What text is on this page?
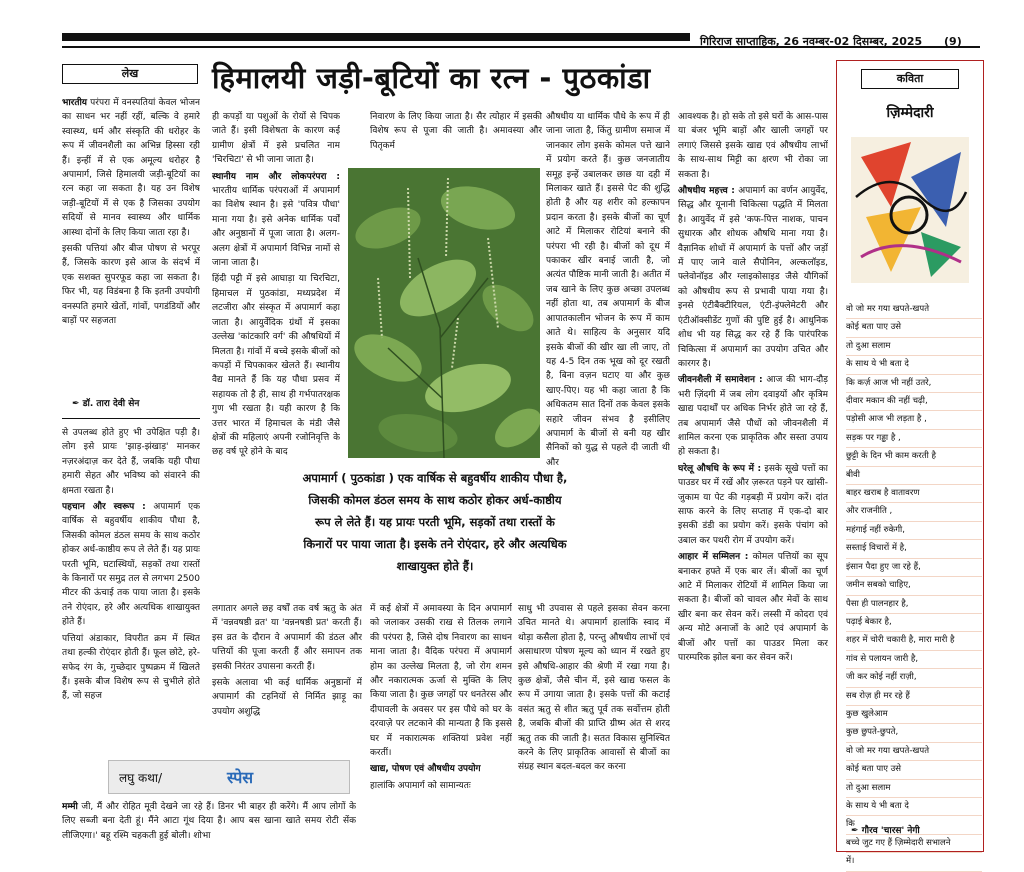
गिरिराज साप्ताहिक, 26 नवम्बर-02 दिसम्बर, 2025 (9)
लेख	हिमालयी जड़ी-बूटियों का रत्न - पुठकांडा

भारतीय परंपरा में वनस्पतियां केवल भोजन का साधन भर नहीं रहीं, बल्कि वे हमारे स्वास्थ्य, धर्म और संस्कृति की धरोहर के रूप में जीवनशैली का अभिन्न हिस्सा रही हैं। इन्हीं में से एक अमूल्य धरोहर है अपामार्ग, जिसे हिमालयी जड़ी-बूटियों का रत्न कहा जा सकता है। यह उन विशेष जड़ी-बूटियों में से एक है जिसका उपयोग सदियों से मानव स्वास्थ्य और धार्मिक आस्था दोनों के लिए किया जाता रहा है।

इसकी पत्तियां और बीज पोषण से भरपूर हैं, जिसके कारण इसे आज के संदर्भ में एक सशक्त सुपरफूड कहा जा सकता है। फिर भी, यह विडंबना है कि इतनी उपयोगी वनस्पति हमारे खेतों, गांवों, पगडंडियों और बाड़ों पर सहजता

✒ डॉ. तारा देवी सेन

से उपलब्ध होते हुए भी उपेक्षित पड़ी है। लोग इसे प्रायः 'झाड़-झंखाड़' मानकर नज़रअंदाज़ कर देते हैं, जबकि यही पौधा हमारी सेहत और भविष्य को संवारने की क्षमता रखता है।

पहचान और स्वरूप : अपामार्ग एक वार्षिक से बहुवर्षीय शाकीय पौधा है, जिसकी कोमल डंठल समय के साथ कठोर होकर अर्ध-काष्ठीय रूप ले लेते हैं। यह प्रायः परती भूमि, घटास्थियों, सड़कों तथा रास्तों के किनारों पर समुद्र तल से लगभग 2500 मीटर की ऊंचाई तक पाया जाता है। इसके तने रोएंदार, हरे और अत्यधिक शाखायुक्त होते हैं।

पत्तियां अंडाकार, विपरीत क्रम में स्थित तथा हल्की रोएंदार होती हैं। फूल छोटे, हरे-सफेद रंग के, गुच्छेदार पुष्पक्रम में खिलते हैं। इसके बीज विशेष रूप से चुभीले होते हैं, जो सहज

ही कपड़ों या पशुओं के रोयों से चिपक जाते हैं। इसी विशेषता के कारण कई ग्रामीण क्षेत्रों में इसे प्रचलित नाम 'चिरचिटा' से भी जाना जाता है।

स्थानीय नाम और लोकपरंपरा : भारतीय धार्मिक परंपराओं में अपामार्ग का विशेष स्थान है। इसे 'पवित्र पौधा' माना गया है। इसे अनेक धार्मिक पर्वों और अनुष्ठानों में पूजा जाता है। अलग-अलग क्षेत्रों में अपामार्ग विभिन्न नामों से जाना जाता है।

हिंदी पट्टी में इसे आघाड़ा या चिरचिटा, हिमाचल में पुठकांडा, मध्यप्रदेश में लटजीरा और संस्कृत में अपामार्ग कहा जाता है। आयुर्वेदिक ग्रंथों में इसका उल्लेख 'कांटकारि वर्ग' की औषधियों में मिलता है। गांवों में बच्चे इसके बीजों को कपड़ों में चिपकाकर खेलते हैं। स्थानीय वैद्य मानते हैं कि यह पौधा प्रसव में सहायक तो है ही, साथ ही गर्भपातरक्षक गुण भी रखता है। यही कारण है कि उत्तर भारत में हिमाचल के मंडी जैसे क्षेत्रों की महिलाएं अपनी रजोनिवृत्ति के छह वर्ष पूरे होने के बाद

लगातार अगले छह वर्षों तक वर्ष ऋतु के अंत में 'वन्नवषष्ठी व्रत' या 'वन्ननषष्ठी प्रत' करती हैं। इस व्रत के दौरान वे अपामार्ग की डंठल और पत्तियों की पूजा करती हैं और समापन तक इसकी निरंतर उपासना करती हैं।

इसके अलावा भी कई धार्मिक अनुष्ठानों में अपामार्ग की टहनियों से निर्मित झाड़ू का उपयोग अशुद्धि

निवारण के लिए किया जाता है। सैर त्योहार में इसकी विशेष रूप से पूजा की जाती है। अमावस्या और पितृकर्म

अपामार्ग ( पुठकांडा ) एक वार्षिक से बहुवर्षीय शाकीय पौधा है, जिसकी कोमल डंठल समय के साथ कठोर होकर अर्ध-काष्ठीय रूप ले लेते हैं। यह प्रायः परती भूमि, सड़कों तथा रास्तों के किनारों पर पाया जाता है। इसके तने रोएंदार, हरे और अत्यधिक शाखायुक्त होते हैं।

में कई क्षेत्रों में अमावस्या के दिन अपामार्ग को जलाकर उसकी राख से तिलक लगाने की परंपरा है, जिसे दोष निवारण का साधन माना जाता है। वैदिक परंपरा में अपामार्ग होम का उल्लेख मिलता है, जो रोग शमन और नकारात्मक ऊर्जा से मुक्ति के लिए किया जाता है। कुछ जगहों पर धनतेरस और दीपावली के अवसर पर इस पौधे को घर के दरवाज़े पर लटकाने की मान्यता है कि इससे घर में नकारात्मक शक्तियां प्रवेश नहीं करतीं।

खाद्य, पोषण एवं औषधीय उपयोग

हालांकि अपामार्ग को सामान्यतः

औषधीय या धार्मिक पौधे के रूप में ही जाना जाता है, किंतु ग्रामीण समाज में जानकार लोग इसके कोमल पत्ते खाने में प्रयोग करते हैं। कुछ जनजातीय समूह इन्हें उबालकर छाछ या दही में मिलाकर खाते हैं। इससे पेट की शुद्धि होती है और यह शरीर को हल्कापन प्रदान करता है। इसके बीजों का चूर्ण आटे में मिलाकर रोटियां बनाने की परंपरा भी रही है। बीजों को दूध में पकाकर खीर बनाई जाती है, जो अत्यंत पौष्टिक मानी जाती है। अतीत में जब खाने के लिए कुछ अच्छा उपलब्ध नहीं होता था, तब अपामार्ग के बीज आपातकालीन भोजन के रूप में काम आते थे। साहित्य के अनुसार यदि इसके बीजों की खीर खा ली जाए, तो यह 4-5 दिन तक भूख को दूर रखती है, बिना वज़न घटाए या और कुछ खाए-पिए। यह भी कहा जाता है कि अधिकतम सात दिनों तक केवल इसके सहारे जीवन संभव है इसीलिए अपामार्ग के बीजों से बनी यह खीर सैनिकों को युद्ध से पहले दी जाती थी और

साधु भी उपवास से पहले इसका सेवन करना उचित मानते थे। अपामार्ग हालांकि स्वाद में थोड़ा कसैला होता है, परन्तु औषधीय लाभों एवं असाधारण पोषण मूल्य को ध्यान में रखते हुए इसे औषधि-आहार की श्रेणी में रखा गया है। कुछ क्षेत्रों, जैसे चीन में, इसे खाद्य फसल के रूप में उगाया जाता है। इसके पत्तों की कटाई वसंत ऋतु से शीत ऋतु पूर्व तक सर्वोत्तम होती है, जबकि बीजों की प्राप्ति ग्रीष्म अंत से शरद ऋतु तक की जाती है। सतत विकास सुनिश्चित करने के लिए प्राकृतिक आवासों से बीजों का संग्रह स्थान बदल-बदल कर करना

आवश्यक है। हो सके तो इसे घरों के आस-पास या बंजर भूमि बाड़ों और खाली जगहों पर लगाएं जिससे इसके खाद्य एवं औषधीय लाभों के साथ-साथ मिट्टी का क्षरण भी रोका जा सकता है।

औषधीय महत्त्व : अपामार्ग का वर्णन आयुर्वेद, सिद्ध और यूनानी चिकित्सा पद्धति में मिलता है। आयुर्वेद में इसे 'कफ-पित्त नाशक, पाचन सुधारक और शोधक औषधि माना गया है। वैज्ञानिक शोधों में अपामार्ग के पत्तों और जड़ों में पाए जाने वाले सैपोनिन, अल्कलॉइड, फ्लेवोनॉइड और ग्लाइकोसाइड जैसे यौगिकों को औषधीय रूप से प्रभावी पाया गया है। इनसे एंटीबैक्टीरियल, एंटी-इंफ्लेमेटरी और एंटीऑक्सीडेंट गुणों की पुष्टि हुई है। आधुनिक शोध भी यह सिद्ध कर रहे हैं कि पारंपरिक चिकित्सा में अपामार्ग का उपयोग उचित और कारगर है।

जीवनशैली में समावेशन : आज की भाग-दौड़ भरी ज़िंदगी में जब लोग दवाइयों और कृत्रिम खाद्य पदार्थों पर अधिक निर्भर होते जा रहे हैं, तब अपामार्ग जैसे पौधों को जीवनशैली में शामिल करना एक प्राकृतिक और सस्ता उपाय हो सकता है।

घरेलू औषधि के रूप में : इसके सूखे पत्तों का पाउडर घर में रखें और ज़रूरत पड़ने पर खांसी-जुकाम या पेट की गड़बड़ी में प्रयोग करें। दांत साफ करने के लिए सप्ताह में एक-दो बार इसकी डंडी का प्रयोग करें। इसके पंचांग को उबाल कर पथरी रोग में उपयोग करें।

आहार में सम्मिलन : कोमल पत्तियों का सूप बनाकर हफ्ते में एक बार लें। बीजों का चूर्ण आटे में मिलाकर रोटियों में शामिल किया जा सकता है। बीजों को चावल और मेवों के साथ खीर बना कर सेवन करें। लस्सी में कोदरा एवं अन्य मोटे अनाजों के आटे एवं अपामार्ग के बीजों और पत्तों का पाउडर मिला कर पारम्परिक झोल बना कर सेवन करें।

लघु कथा/	स्पेस

मम्मी जी, मैं और रोहित मूवी देखने जा रहे हैं। डिनर भी बाहर ही करेंगे। मैं आप लोगों के लिए सब्जी बना देती हूं। मैंने आटा गूंथ दिया है। आप बस खाना खाते समय रोटी सेंक लीजिएगा।' बहू रश्मि चहकती हुई बोली। शोभा

कविता
ज़िम्मेदारी
वो जो मर गया खपते-खपते
कोई बता पाए उसे
तो दुआ सलाम
के साथ ये भी बता दे
कि कर्ज़ आज भी नहीं उतरे,
दीवार मकान की नहीं चढ़ी,
पड़ोसी आज भी लड़ता है ,
सड़क पर गड्ढा है ,
छुट्टी के दिन भी काम करती है
बीवी
बाहर खराब है वातावरण
और राजनीति ,
महंगाई नहीं रुकेगी,
सस्ताई विचारों में है,
इंसान पैदा हुए जा रहे हैं,
जमीन सबको चाहिए,
पैसा ही पालनहार है,
पढ़ाई बेकार है,
शहर में चोरी चकारी है, मारा मारी है
गांव से पलायन जारी है,
जी कर कोई नहीं राज़ी,
सब रोज़ ही मर रहे हैं
कुछ खुलेआम
कुछ छुपते-छुपते,
वो जो मर गया खपते-खपते
कोई बता पाए उसे
तो दुआ सलाम
के साथ ये भी बता दे
कि
बच्चे जुट गए हैं ज़िम्मेदारी सभालने
में।
✒ गौरव 'चारस' नेगी
